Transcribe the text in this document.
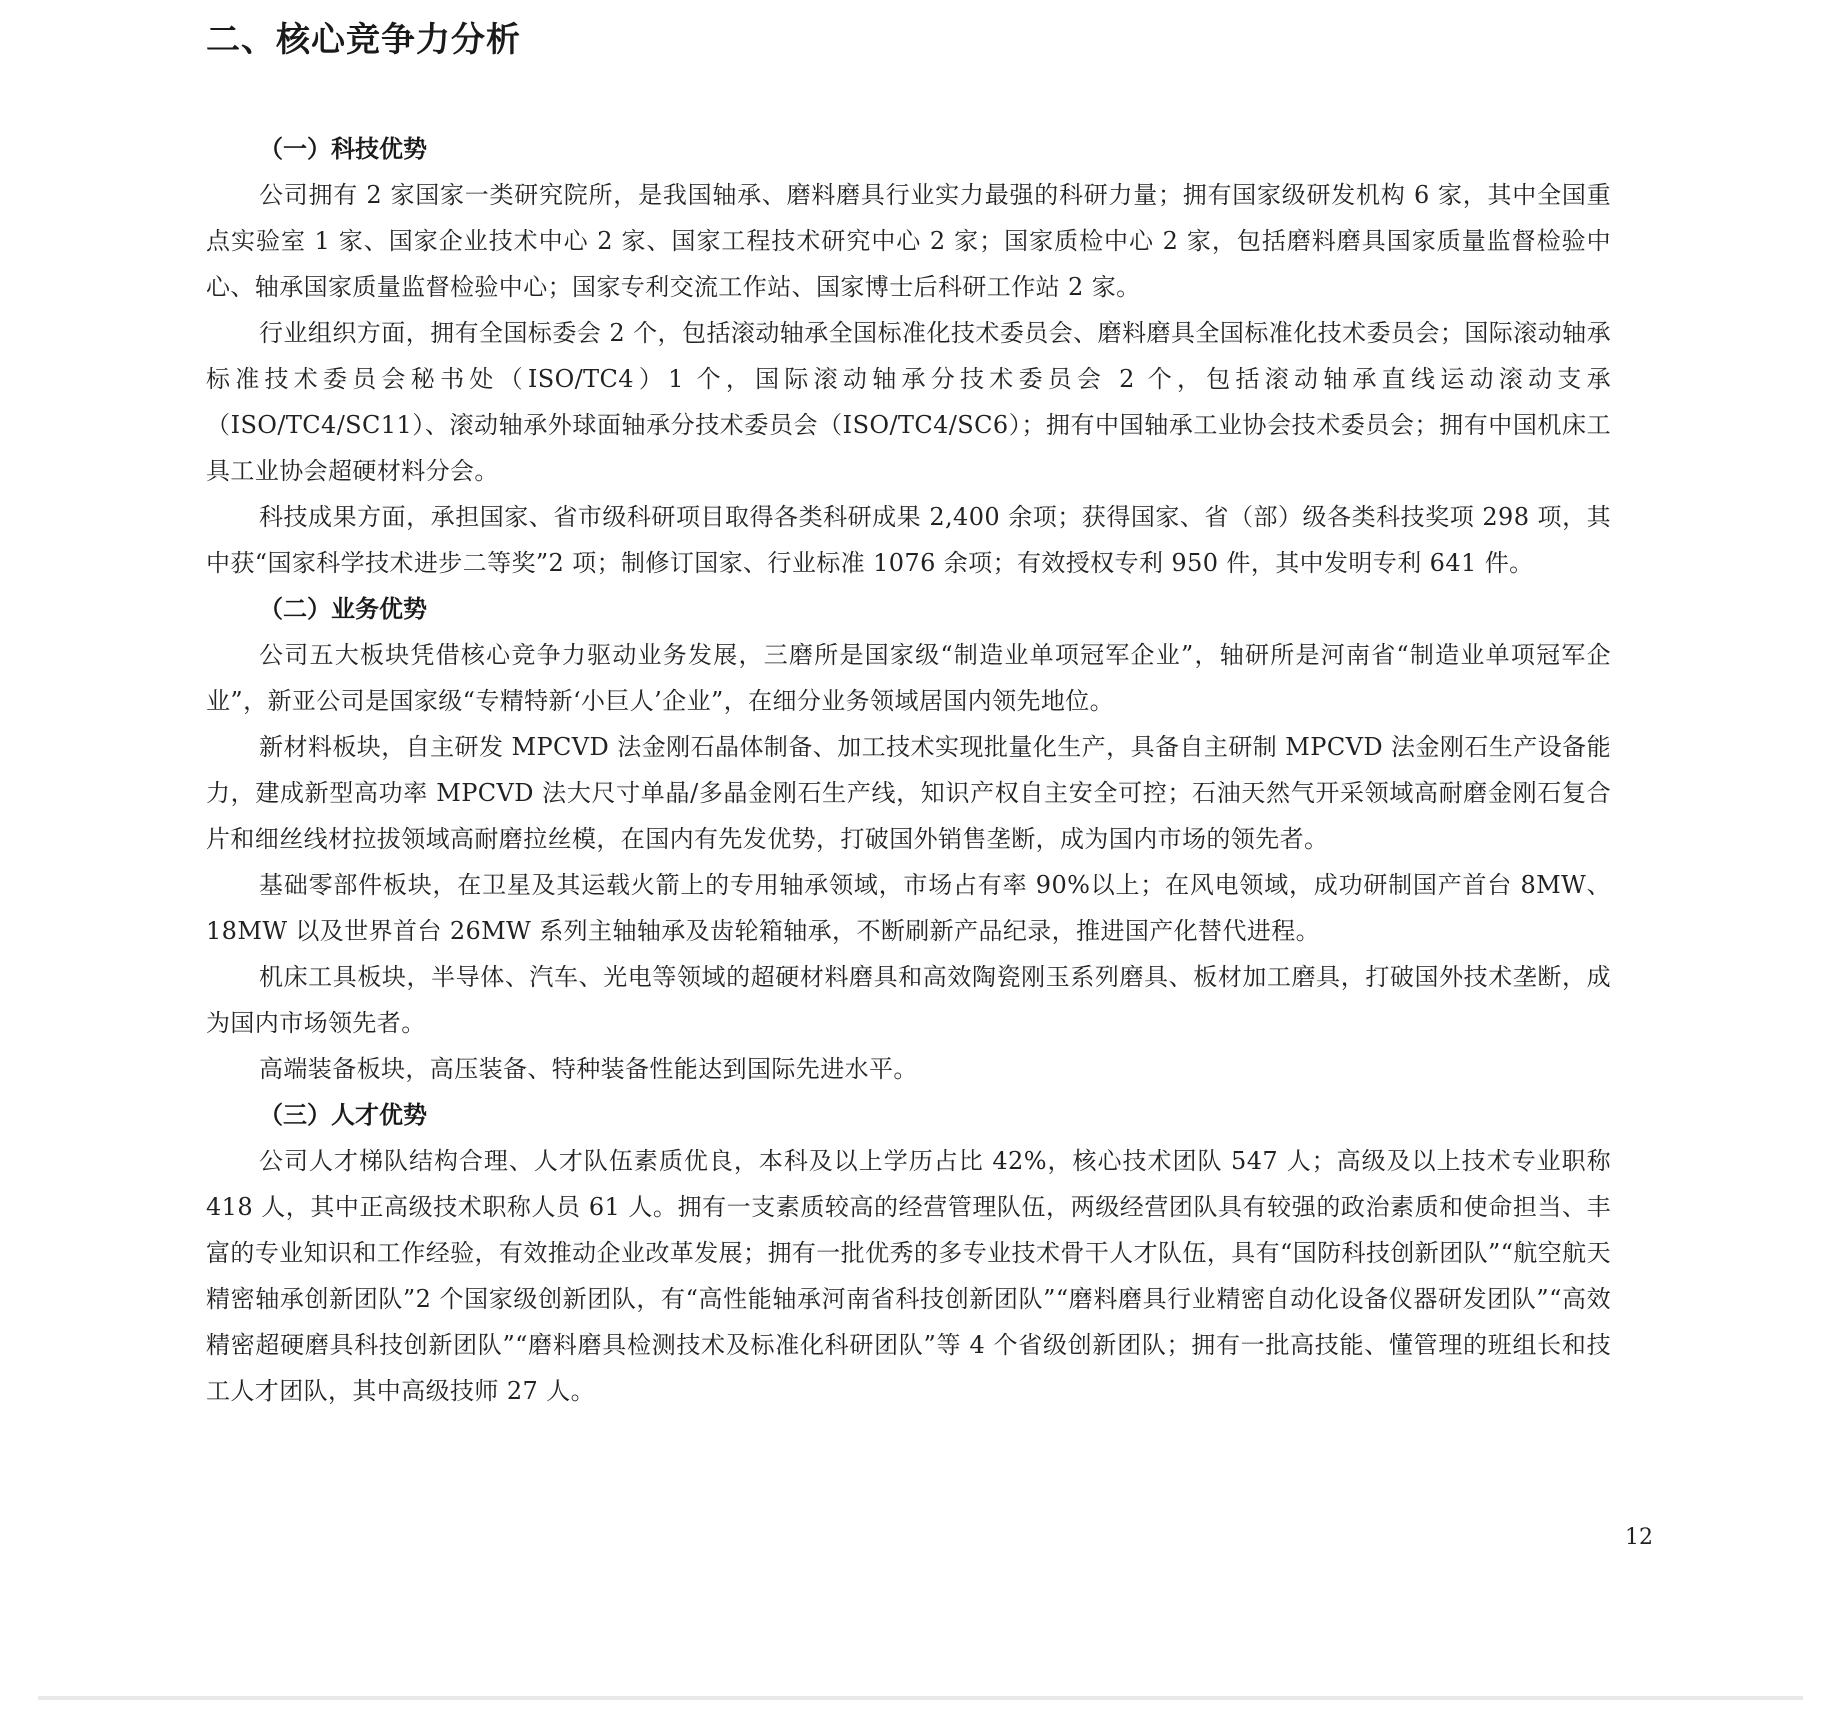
二、核心竞争力分析
（一）科技优势

公司拥有 2 家国家一类研究院所，是我国轴承、磨料磨具行业实力最强的科研力量；拥有国家级研发机构 6 家，其中全国重点实验室 1 家、国家企业技术中心 2 家、国家工程技术研究中心 2 家；国家质检中心 2 家，包括磨料磨具国家质量监督检验中心、轴承国家质量监督检验中心；国家专利交流工作站、国家博士后科研工作站 2 家。

行业组织方面，拥有全国标委会 2 个，包括滚动轴承全国标准化技术委员会、磨料磨具全国标准化技术委员会；国际滚动轴承标准技术委员会秘书处（ISO/TC4）1 个，国际滚动轴承分技术委员会 2 个，包括滚动轴承直线运动滚动支承（ISO/TC4/SC11）、滚动轴承外球面轴承分技术委员会（ISO/TC4/SC6）；拥有中国轴承工业协会技术委员会；拥有中国机床工具工业协会超硬材料分会。

科技成果方面，承担国家、省市级科研项目取得各类科研成果 2,400 余项；获得国家、省（部）级各类科技奖项 298 项，其中获“国家科学技术进步二等奖”2 项；制修订国家、行业标准 1076 余项；有效授权专利 950 件，其中发明专利 641 件。

（二）业务优势

公司五大板块凭借核心竞争力驱动业务发展，三磨所是国家级“制造业单项冠军企业”，轴研所是河南省“制造业单项冠军企业”，新亚公司是国家级“专精特新‘小巨人’企业”，在细分业务领域居国内领先地位。

新材料板块，自主研发 MPCVD 法金刚石晶体制备、加工技术实现批量化生产，具备自主研制 MPCVD 法金刚石生产设备能力，建成新型高功率 MPCVD 法大尺寸单晶/多晶金刚石生产线，知识产权自主安全可控；石油天然气开采领域高耐磨金刚石复合片和细丝线材拉拔领域高耐磨拉丝模，在国内有先发优势，打破国外销售垄断，成为国内市场的领先者。

基础零部件板块，在卫星及其运载火箭上的专用轴承领域，市场占有率 90%以上；在风电领域，成功研制国产首台 8MW、18MW 以及世界首台 26MW 系列主轴轴承及齿轮箱轴承，不断刷新产品纪录，推进国产化替代进程。

机床工具板块，半导体、汽车、光电等领域的超硬材料磨具和高效陶瓷刚玉系列磨具、板材加工磨具，打破国外技术垄断，成为国内市场领先者。

高端装备板块，高压装备、特种装备性能达到国际先进水平。

（三）人才优势

公司人才梯队结构合理、人才队伍素质优良，本科及以上学历占比 42%，核心技术团队 547 人；高级及以上技术专业职称 418 人，其中正高级技术职称人员 61 人。拥有一支素质较高的经营管理队伍，两级经营团队具有较强的政治素质和使命担当、丰富的专业知识和工作经验，有效推动企业改革发展；拥有一批优秀的多专业技术骨干人才队伍，具有“国防科技创新团队”“航空航天精密轴承创新团队”2 个国家级创新团队，有“高性能轴承河南省科技创新团队”“磨料磨具行业精密自动化设备仪器研发团队”“高效精密超硬磨具科技创新团队”“磨料磨具检测技术及标准化科研团队”等 4 个省级创新团队；拥有一批高技能、懂管理的班组长和技工人才团队，其中高级技师 27 人。

12
